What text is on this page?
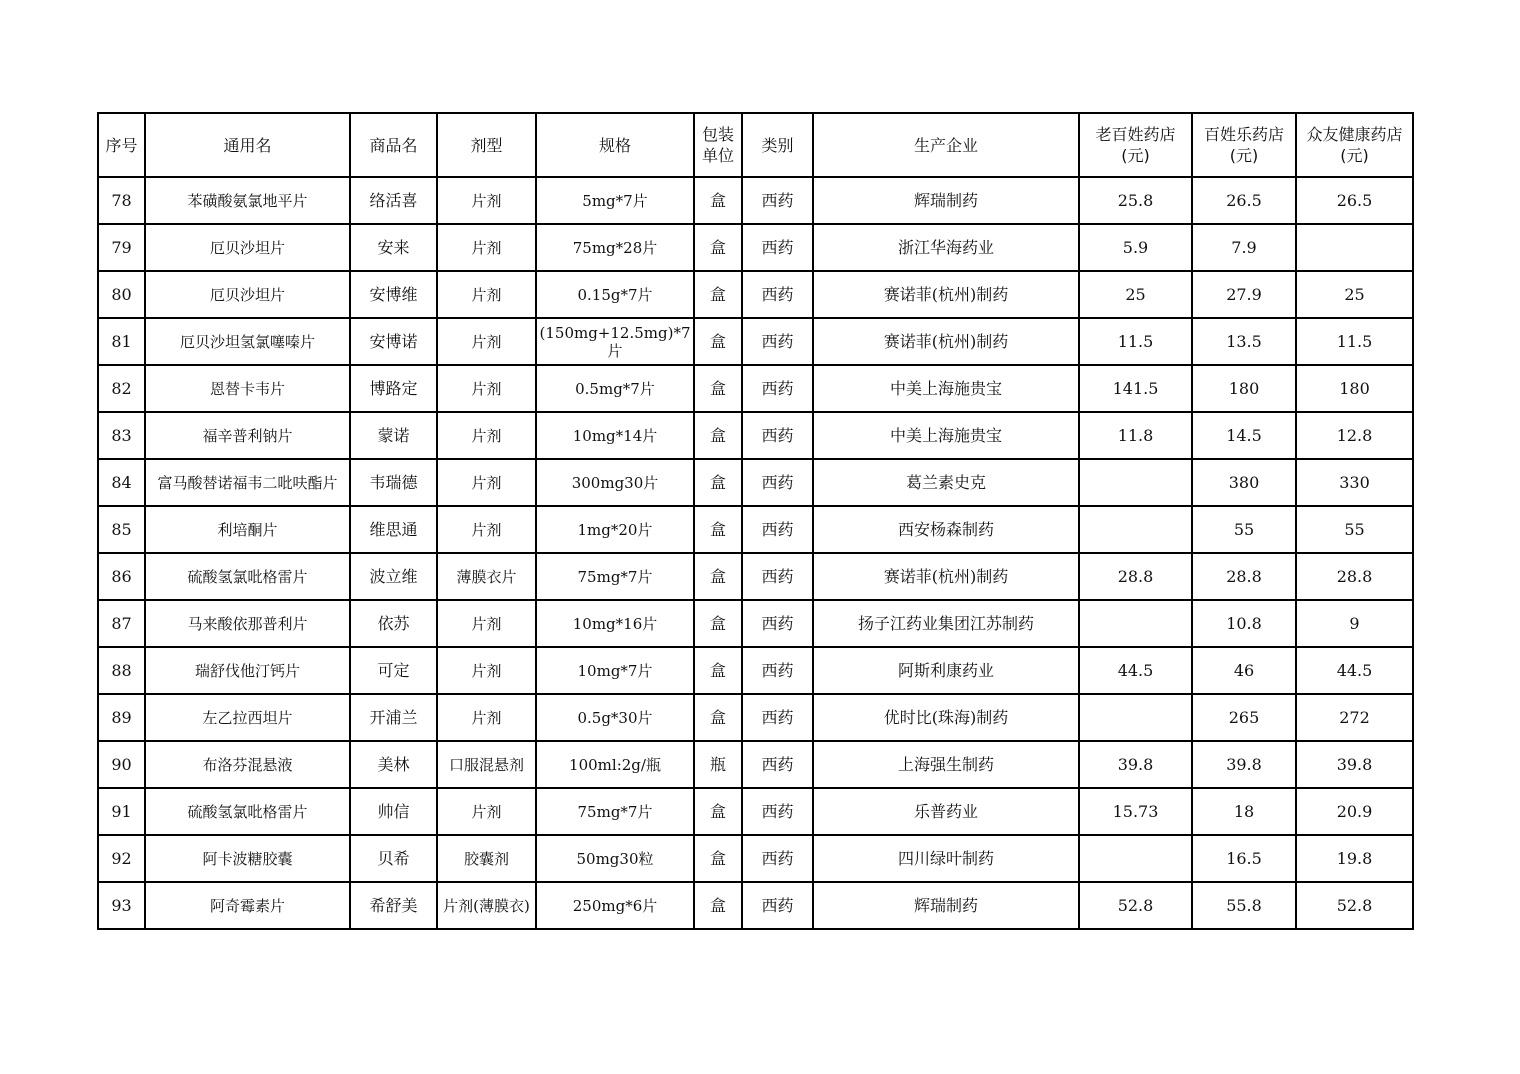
序号	通用名	商品名	剂型	规格	包装单位	类别	生产企业	老百姓药店(元)	百姓乐药店(元)	众友健康药店(元)
78	苯磺酸氨氯地平片	络活喜	片剂	5mg*7片	盒	西药	辉瑞制药	25.8	26.5	26.5
79	厄贝沙坦片	安来	片剂	75mg*28片	盒	西药	浙江华海药业	5.9	7.9	
80	厄贝沙坦片	安博维	片剂	0.15g*7片	盒	西药	赛诺菲(杭州)制药	25	27.9	25
81	厄贝沙坦氢氯噻嗪片	安博诺	片剂	(150mg+12.5mg)*7片	盒	西药	赛诺菲(杭州)制药	11.5	13.5	11.5
82	恩替卡韦片	博路定	片剂	0.5mg*7片	盒	西药	中美上海施贵宝	141.5	180	180
83	福辛普利钠片	蒙诺	片剂	10mg*14片	盒	西药	中美上海施贵宝	11.8	14.5	12.8
84	富马酸替诺福韦二吡呋酯片	韦瑞德	片剂	300mg30片	盒	西药	葛兰素史克		380	330
85	利培酮片	维思通	片剂	1mg*20片	盒	西药	西安杨森制药		55	55
86	硫酸氢氯吡格雷片	波立维	薄膜衣片	75mg*7片	盒	西药	赛诺菲(杭州)制药	28.8	28.8	28.8
87	马来酸依那普利片	依苏	片剂	10mg*16片	盒	西药	扬子江药业集团江苏制药		10.8	9
88	瑞舒伐他汀钙片	可定	片剂	10mg*7片	盒	西药	阿斯利康药业	44.5	46	44.5
89	左乙拉西坦片	开浦兰	片剂	0.5g*30片	盒	西药	优时比(珠海)制药		265	272
90	布洛芬混悬液	美林	口服混悬剂	100ml:2g/瓶	瓶	西药	上海强生制药	39.8	39.8	39.8
91	硫酸氢氯吡格雷片	帅信	片剂	75mg*7片	盒	西药	乐普药业	15.73	18	20.9
92	阿卡波糖胶囊	贝希	胶囊剂	50mg30粒	盒	西药	四川绿叶制药		16.5	19.8
93	阿奇霉素片	希舒美	片剂(薄膜衣)	250mg*6片	盒	西药	辉瑞制药	52.8	55.8	52.8
